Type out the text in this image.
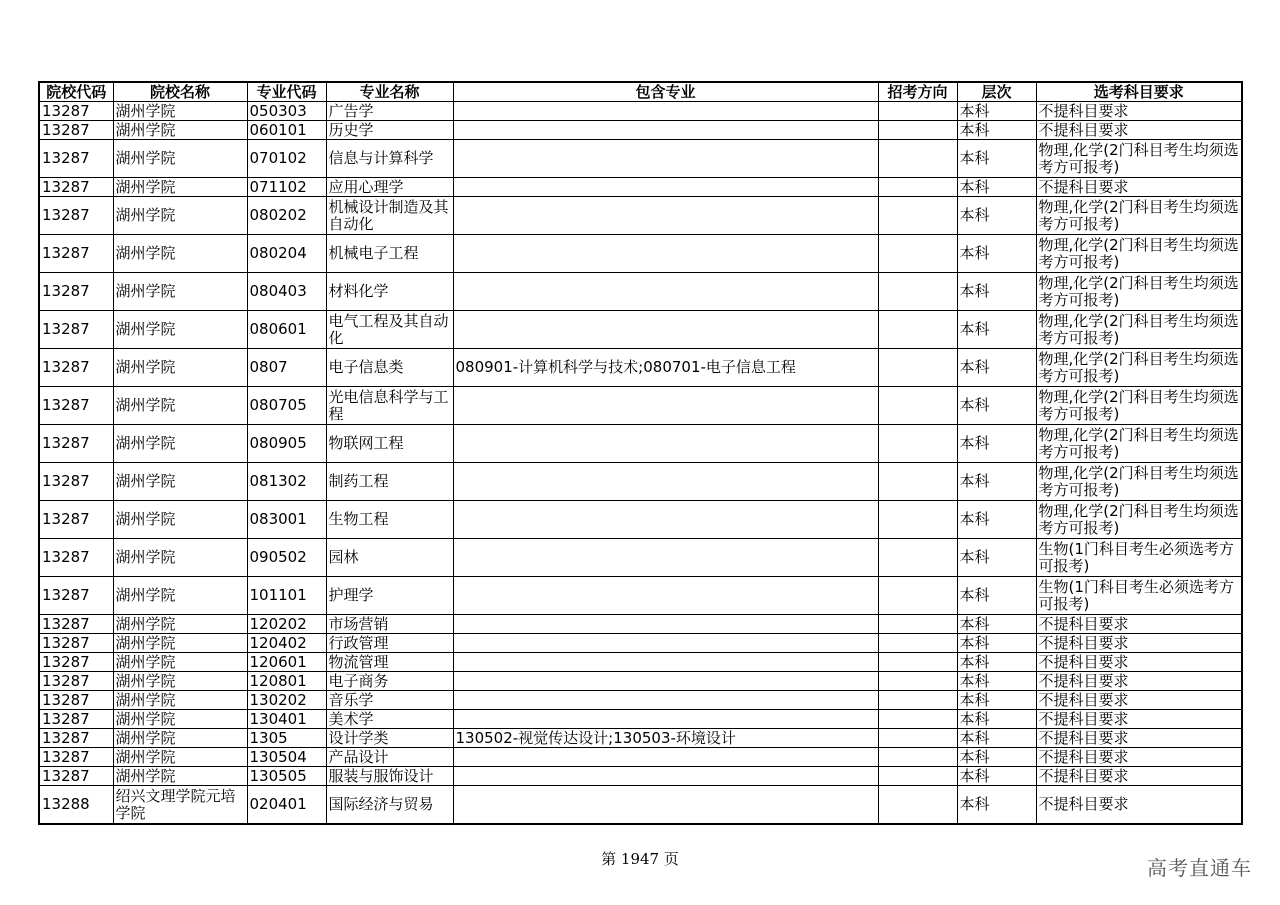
院校代码	院校名称	专业代码	专业名称	包含专业	招考方向	层次	选考科目要求
13287	湖州学院	050303	广告学			本科	不提科目要求
13287	湖州学院	060101	历史学			本科	不提科目要求
13287	湖州学院	070102	信息与计算科学			本科	物理,化学(2门科目考生均须选考方可报考)
13287	湖州学院	071102	应用心理学			本科	不提科目要求
13287	湖州学院	080202	机械设计制造及其自动化			本科	物理,化学(2门科目考生均须选考方可报考)
13287	湖州学院	080204	机械电子工程			本科	物理,化学(2门科目考生均须选考方可报考)
13287	湖州学院	080403	材料化学			本科	物理,化学(2门科目考生均须选考方可报考)
13287	湖州学院	080601	电气工程及其自动化			本科	物理,化学(2门科目考生均须选考方可报考)
13287	湖州学院	0807	电子信息类	080901-计算机科学与技术;080701-电子信息工程		本科	物理,化学(2门科目考生均须选考方可报考)
13287	湖州学院	080705	光电信息科学与工程			本科	物理,化学(2门科目考生均须选考方可报考)
13287	湖州学院	080905	物联网工程			本科	物理,化学(2门科目考生均须选考方可报考)
13287	湖州学院	081302	制药工程			本科	物理,化学(2门科目考生均须选考方可报考)
13287	湖州学院	083001	生物工程			本科	物理,化学(2门科目考生均须选考方可报考)
13287	湖州学院	090502	园林			本科	生物(1门科目考生必须选考方可报考)
13287	湖州学院	101101	护理学			本科	生物(1门科目考生必须选考方可报考)
13287	湖州学院	120202	市场营销			本科	不提科目要求
13287	湖州学院	120402	行政管理			本科	不提科目要求
13287	湖州学院	120601	物流管理			本科	不提科目要求
13287	湖州学院	120801	电子商务			本科	不提科目要求
13287	湖州学院	130202	音乐学			本科	不提科目要求
13287	湖州学院	130401	美术学			本科	不提科目要求
13287	湖州学院	1305	设计学类	130502-视觉传达设计;130503-环境设计		本科	不提科目要求
13287	湖州学院	130504	产品设计			本科	不提科目要求
13287	湖州学院	130505	服装与服饰设计			本科	不提科目要求
13288	绍兴文理学院元培学院	020401	国际经济与贸易			本科	不提科目要求
第 1947 页	高考直通车
